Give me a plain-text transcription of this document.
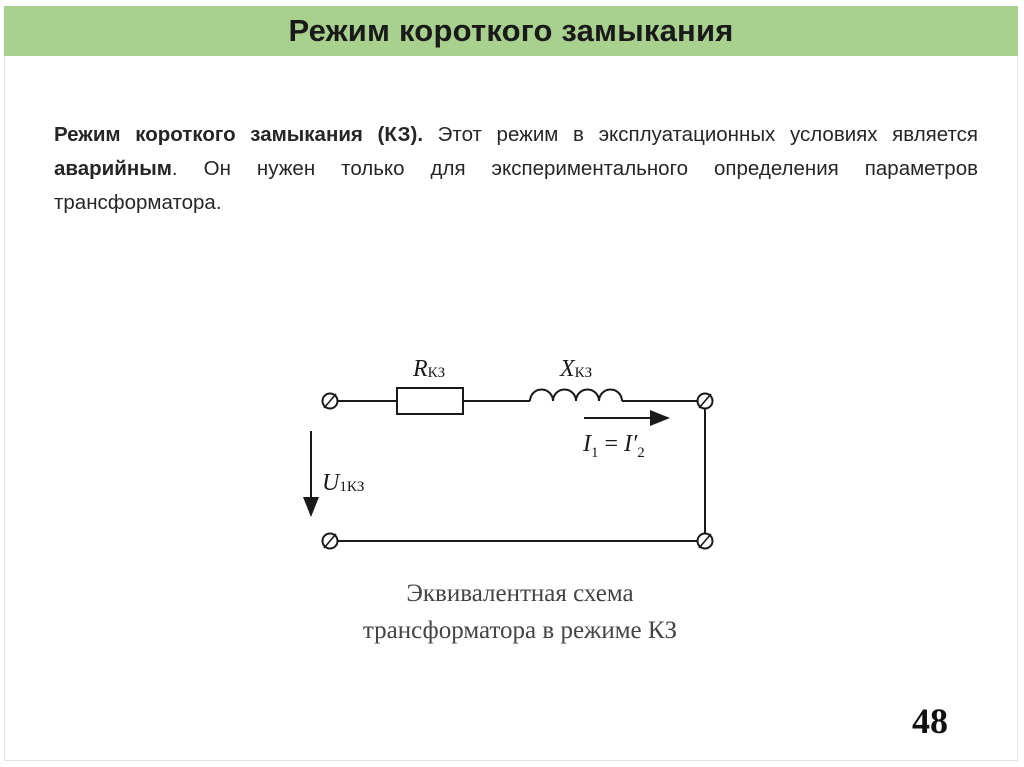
Режим короткого замыкания
Режим короткого замыкания (КЗ). Этот режим в эксплуатационных условиях является аварийным. Он нужен только для экспериментального определения параметров трансформатора.
RКЗ	XКЗ
$I_1 = I'_2$
U1КЗ
Эквивалентная схема
трансформатора в режиме КЗ
48
